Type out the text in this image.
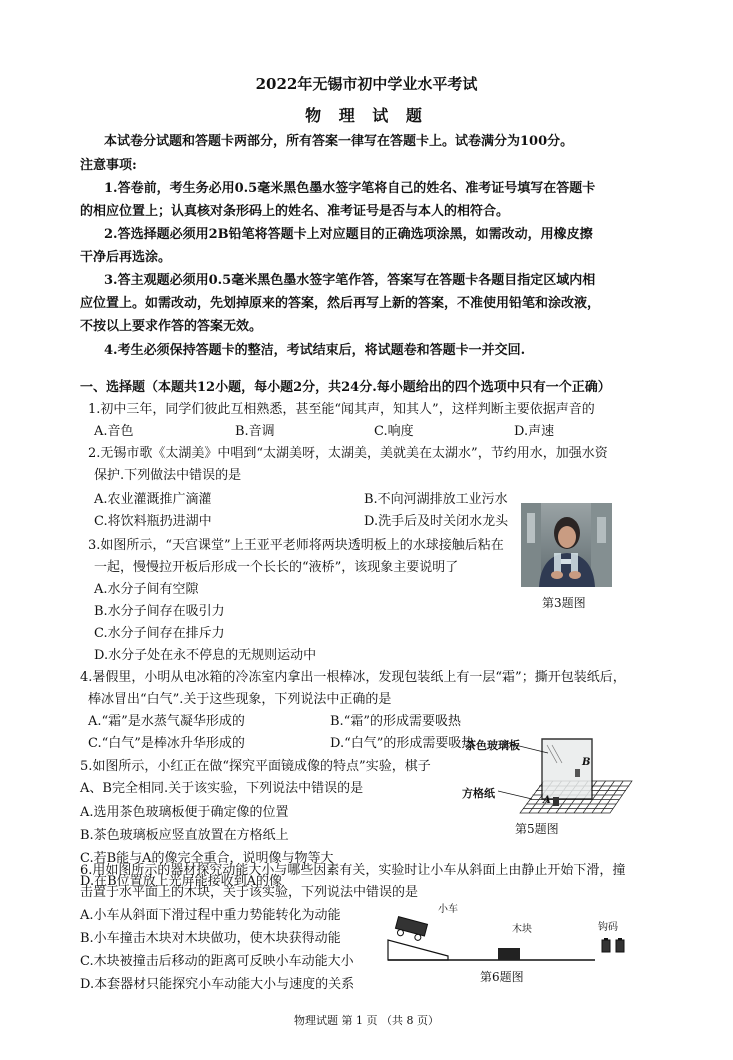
2022年无锡市初中学业水平考试
物 理 试 题
本试卷分试题和答题卡两部分，所有答案一律写在答题卡上。试卷满分为100分。
注意事项:
1.答卷前，考生务必用0.5毫米黑色墨水签字笔将自己的姓名、准考证号填写在答题卡
的相应位置上；认真核对条形码上的姓名、准考证号是否与本人的相符合。
2.答选择题必须用2B铅笔将答题卡上对应题目的正确选项涂黑，如需改动，用橡皮擦
干净后再选涂。
3.答主观题必须用0.5毫米黑色墨水签字笔作答，答案写在答题卡各题目指定区域内相
应位置上。如需改动，先划掉原来的答案，然后再写上新的答案，不准使用铅笔和涂改液，
不按以上要求作答的答案无效。
4.考生必须保持答题卡的整洁，考试结束后，将试题卷和答题卡一并交回.
一、选择题（本题共12小题，每小题2分，共24分.每小题给出的四个选项中只有一个正确）
1.初中三年，同学们彼此互相熟悉，甚至能“闻其声，知其人”，这样判断主要依据声音的
A.音色	B.音调	C.响度	D.声速
2.无锡市歌《太湖美》中唱到“太湖美呀，太湖美，美就美在太湖水”，节约用水，加强水资
保护.下列做法中错误的是
A.农业灌溉推广滴灌	B.不向河湖排放工业污水
C.将饮料瓶扔进湖中	D.洗手后及时关闭水龙头
3.如图所示，“天宫课堂”上王亚平老师将两块透明板上的水球接触后粘在
一起，慢慢拉开板后形成一个长长的“液桥”，该现象主要说明了
A.水分子间有空隙
B.水分子间存在吸引力
C.水分子间存在排斥力
D.水分子处在永不停息的无规则运动中
第3题图
4.暑假里，小明从电冰箱的冷冻室内拿出一根棒冰，发现包装纸上有一层“霜”；撕开包装纸后，
棒冰冒出“白气”.关于这些现象，下列说法中正确的是
A.“霜”是水蒸气凝华形成的	B.“霜”的形成需要吸热
C.“白气”是棒冰升华形成的	D.“白气”的形成需要吸热
5.如图所示，小红正在做“探究平面镜成像的特点”实验，棋子
A、B完全相同.关于该实验，下列说法中错误的是
A.选用茶色玻璃板便于确定像的位置
B.茶色玻璃板应竖直放置在方格纸上
C.若B能与A的像完全重合，说明像与物等大
D.在B位置放上光屏能接收到A的像
茶色玻璃板
方格纸
A
B
第5题图
6.用如图所示的器材探究动能大小与哪些因素有关，实验时让小车从斜面上由静止开始下滑，撞
击置于水平面上的木块，关于该实验，下列说法中错误的是
A.小车从斜面下滑过程中重力势能转化为动能
B.小车撞击木块对木块做功，使木块获得动能
C.木块被撞击后移动的距离可反映小车动能大小
D.本套器材只能探究小车动能大小与速度的关系
小车
木块	钩码
第6题图
物理试题 第 1 页 （共 8 页）
